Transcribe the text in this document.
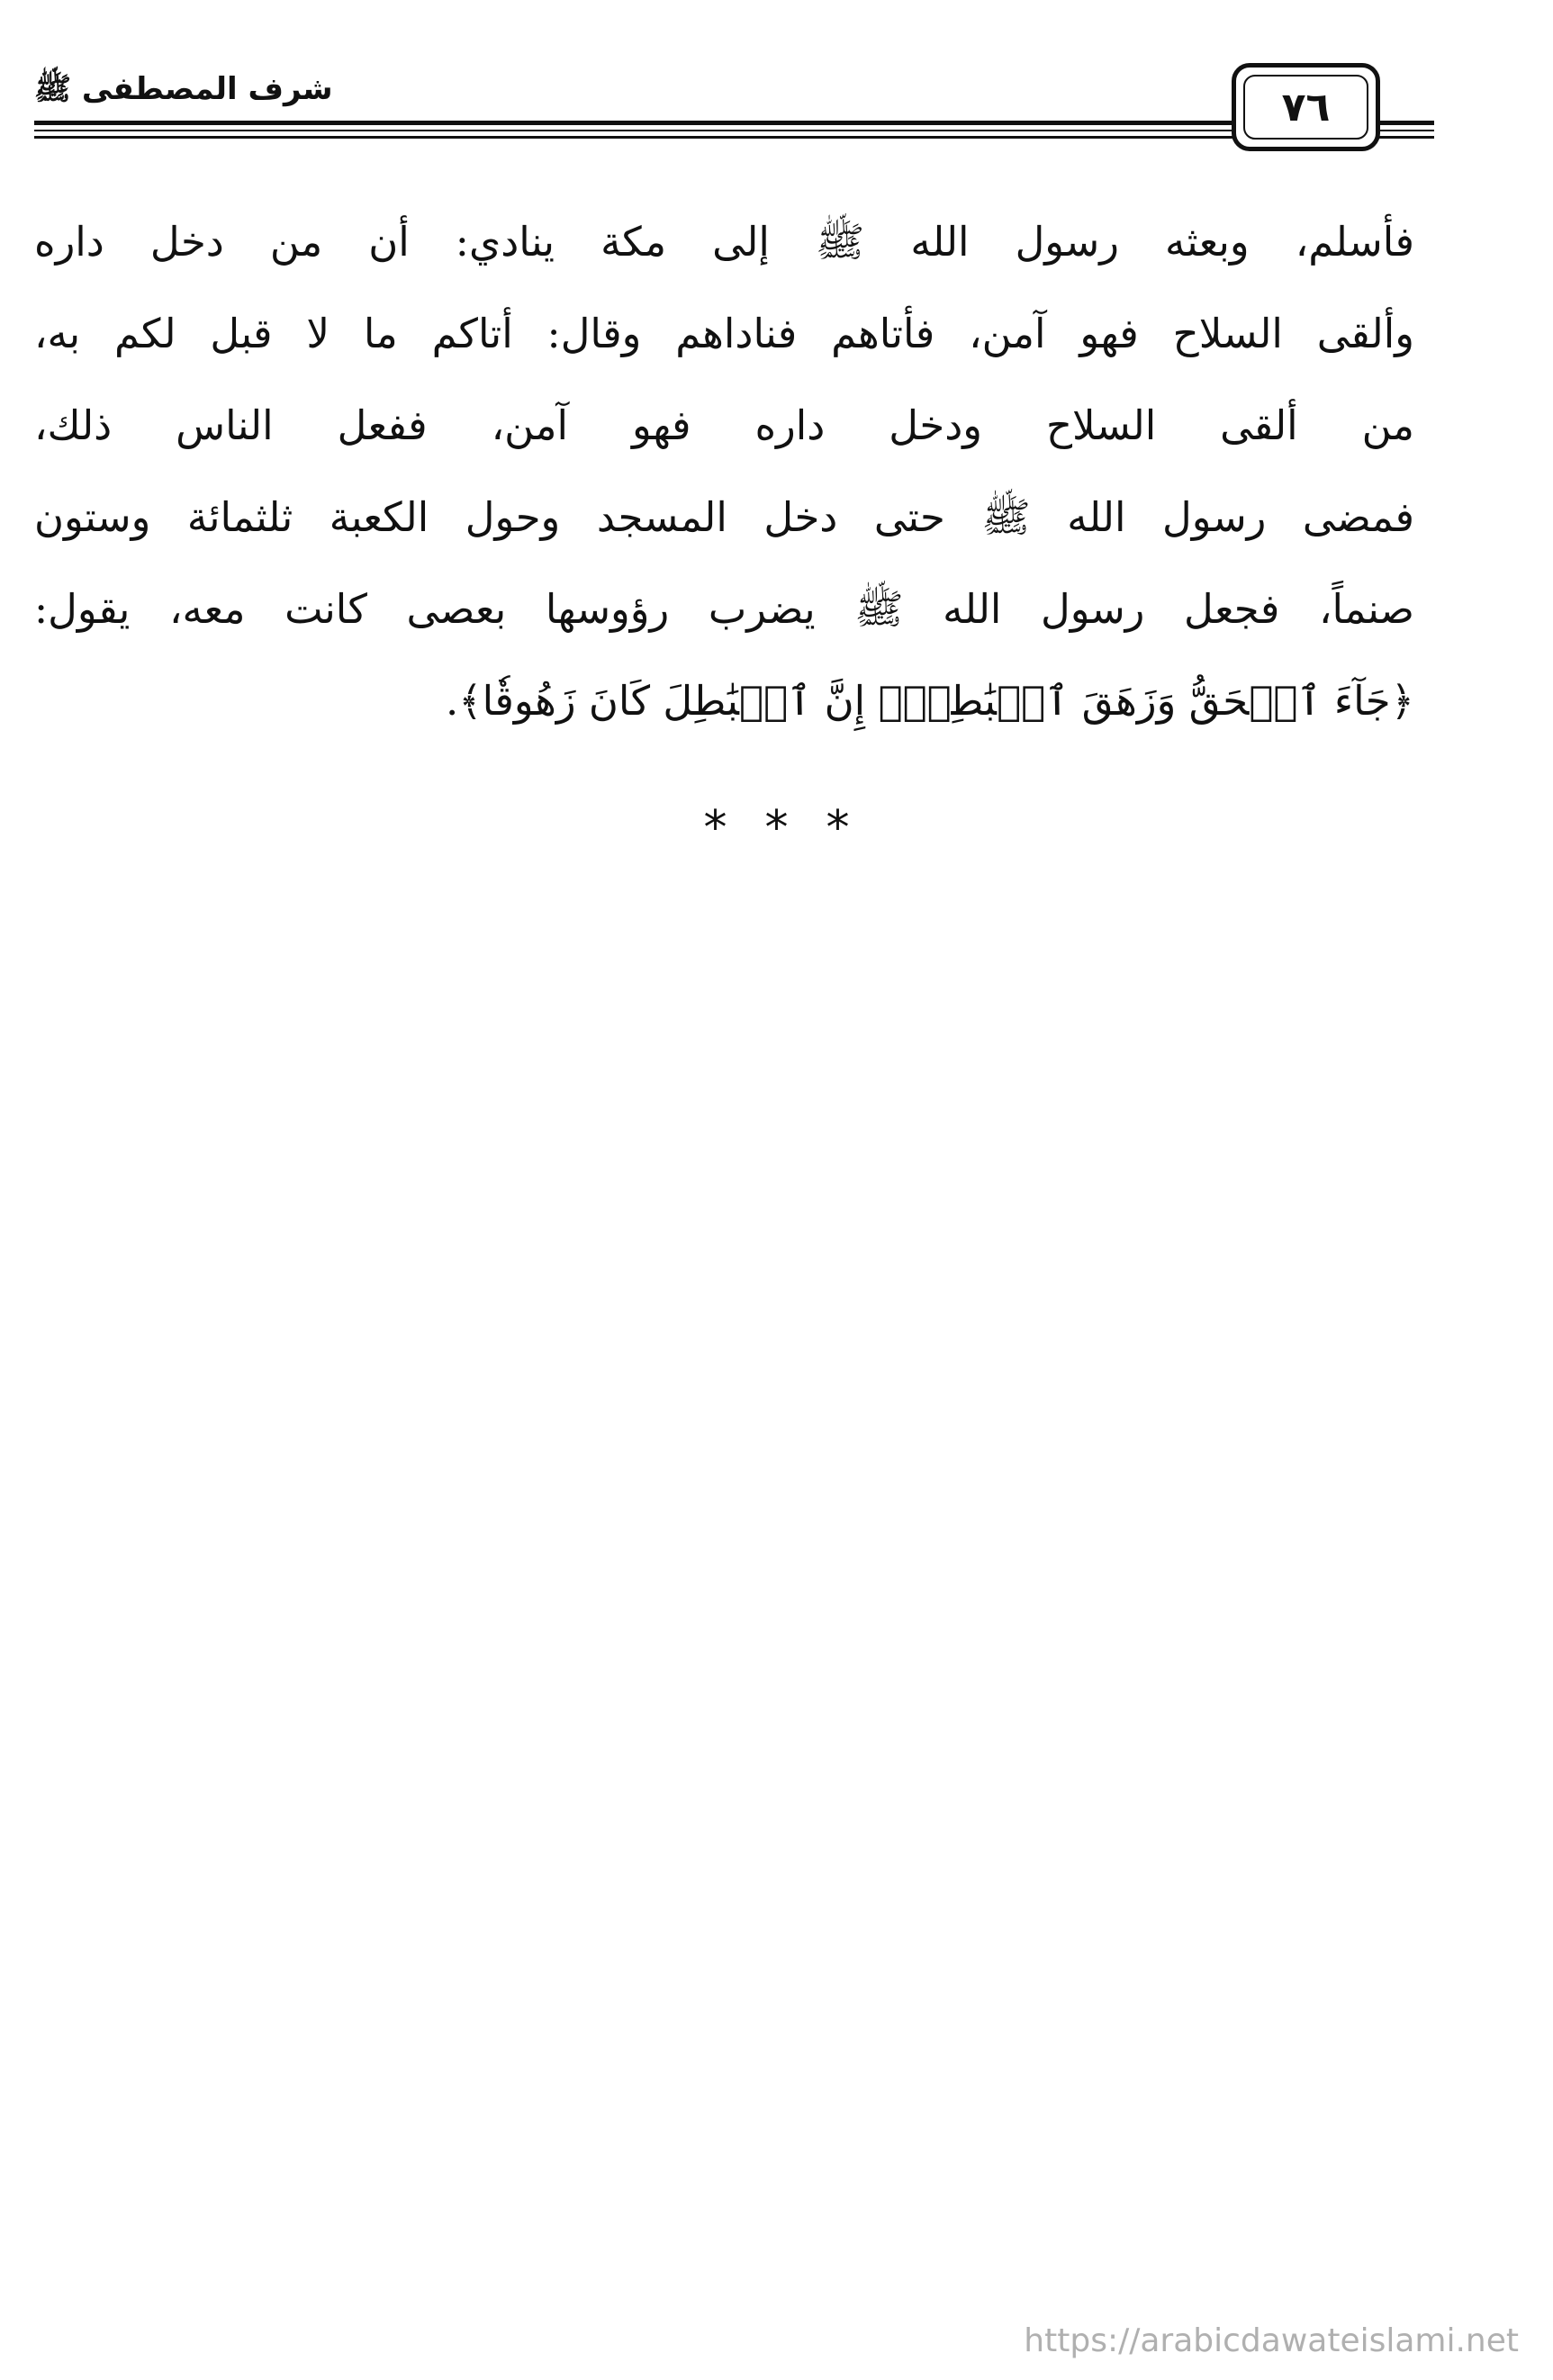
شرف المصطفى ﷺ	٧٦
فأسلم، وبعثه رسول الله ﷺ إلى مكة ينادي: أن من دخل داره
وألقى السلاح فهو آمن، فأتاهم فناداهم وقال: أتاكم ما لا قبل لكم به،
من ألقى السلاح ودخل داره فهو آمن، ففعل الناس ذلك،
فمضى رسول الله ﷺ حتى دخل المسجد وحول الكعبة ثلثمائة وستون
صنماً، فجعل رسول الله ﷺ يضرب رؤوسها بعصى كانت معه، يقول:
﴿جَآءَ ٱلۡحَقُّ وَزَهَقَ ٱلۡبَٰطِلُۚ إِنَّ ٱلۡبَٰطِلَ كَانَ زَهُوقٗا﴾.
***
https://arabicdawateislami.net
